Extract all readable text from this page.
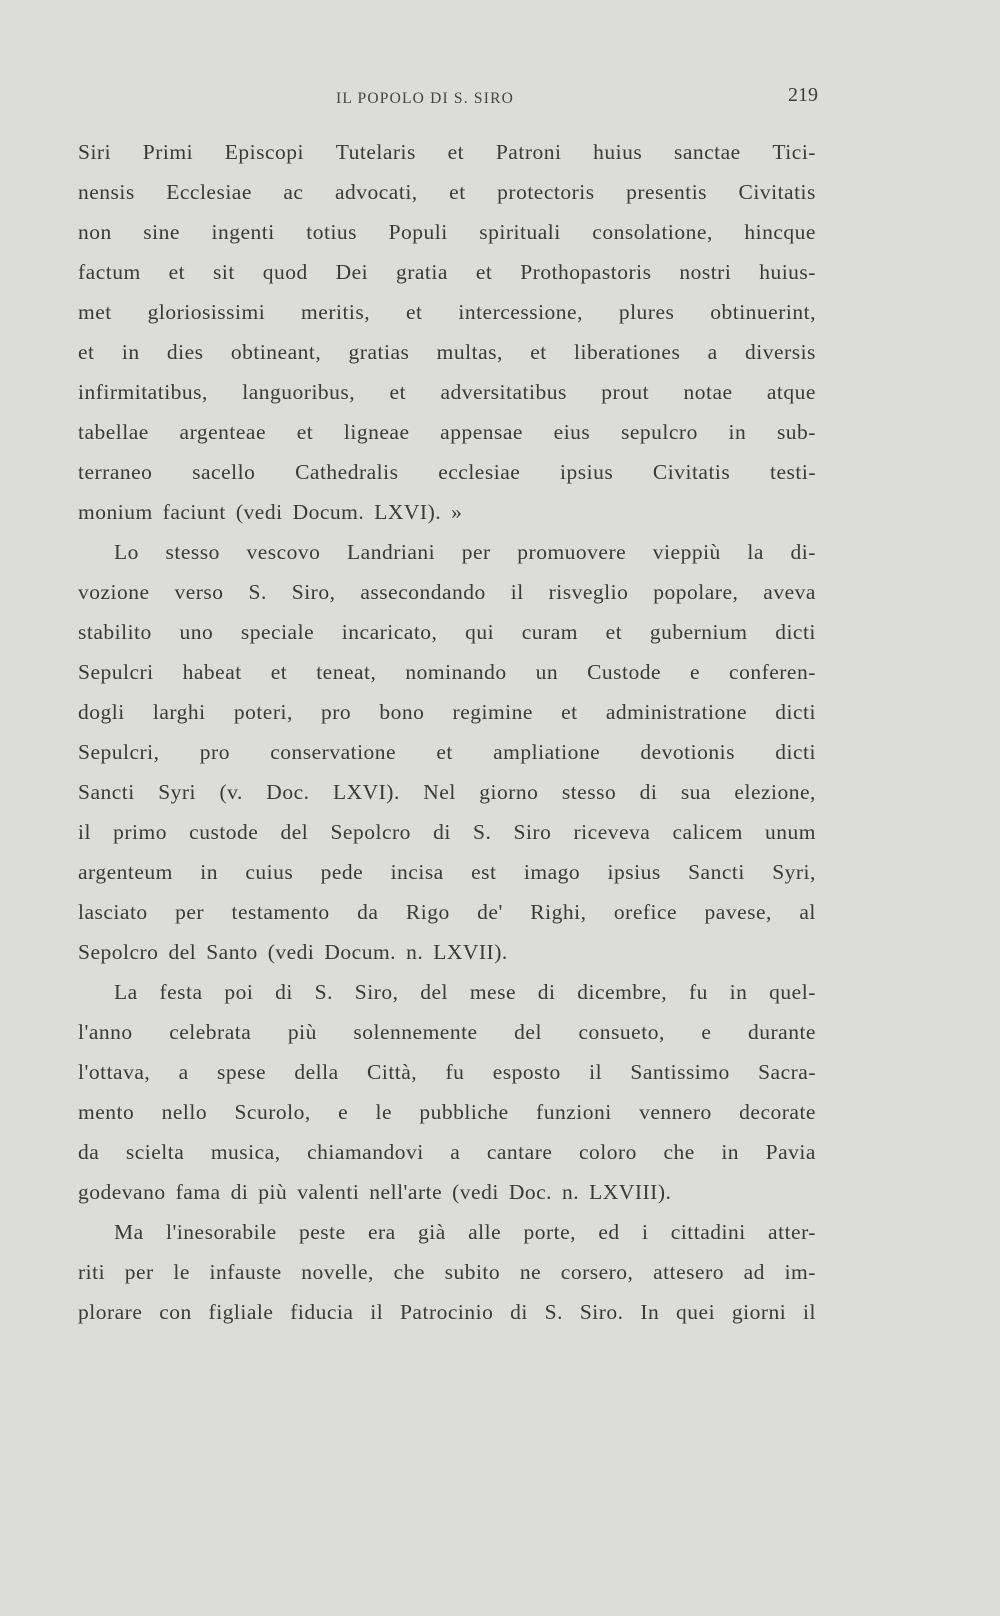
IL POPOLO DI S. SIRO	219
Siri Primi Episcopi Tutelaris et Patroni huius sanctae Tici-
nensis Ecclesiae ac advocati, et protectoris presentis Civitatis
non sine ingenti totius Populi spirituali consolatione, hincque
factum et sit quod Dei gratia et Prothopastoris nostri huius-
met gloriosissimi meritis, et intercessione, plures obtinuerint,
et in dies obtineant, gratias multas, et liberationes a diversis
infirmitatibus, languoribus, et adversitatibus prout notae atque
tabellae argenteae et ligneae appensae eius sepulcro in sub-
terraneo sacello Cathedralis ecclesiae ipsius Civitatis testi-
monium faciunt (vedi Docum. LXVI). »
Lo stesso vescovo Landriani per promuovere vieppiù la di-
vozione verso S. Siro, assecondando il risveglio popolare, aveva
stabilito uno speciale incaricato, qui curam et gubernium dicti
Sepulcri habeat et teneat, nominando un Custode e conferen-
dogli larghi poteri, pro bono regimine et administratione dicti
Sepulcri, pro conservatione et ampliatione devotionis dicti
Sancti Syri (v. Doc. LXVI). Nel giorno stesso di sua elezione,
il primo custode del Sepolcro di S. Siro riceveva calicem unum
argenteum in cuius pede incisa est imago ipsius Sancti Syri,
lasciato per testamento da Rigo de' Righi, orefice pavese, al
Sepolcro del Santo (vedi Docum. n. LXVII).
La festa poi di S. Siro, del mese di dicembre, fu in quel-
l'anno celebrata più solennemente del consueto, e durante
l'ottava, a spese della Città, fu esposto il Santissimo Sacra-
mento nello Scurolo, e le pubbliche funzioni vennero decorate
da scielta musica, chiamandovi a cantare coloro che in Pavia
godevano fama di più valenti nell'arte (vedi Doc. n. LXVIII).
Ma l'inesorabile peste era già alle porte, ed i cittadini atter-
riti per le infauste novelle, che subito ne corsero, attesero ad im-
plorare con figliale fiducia il Patrocinio di S. Siro. In quei giorni il
